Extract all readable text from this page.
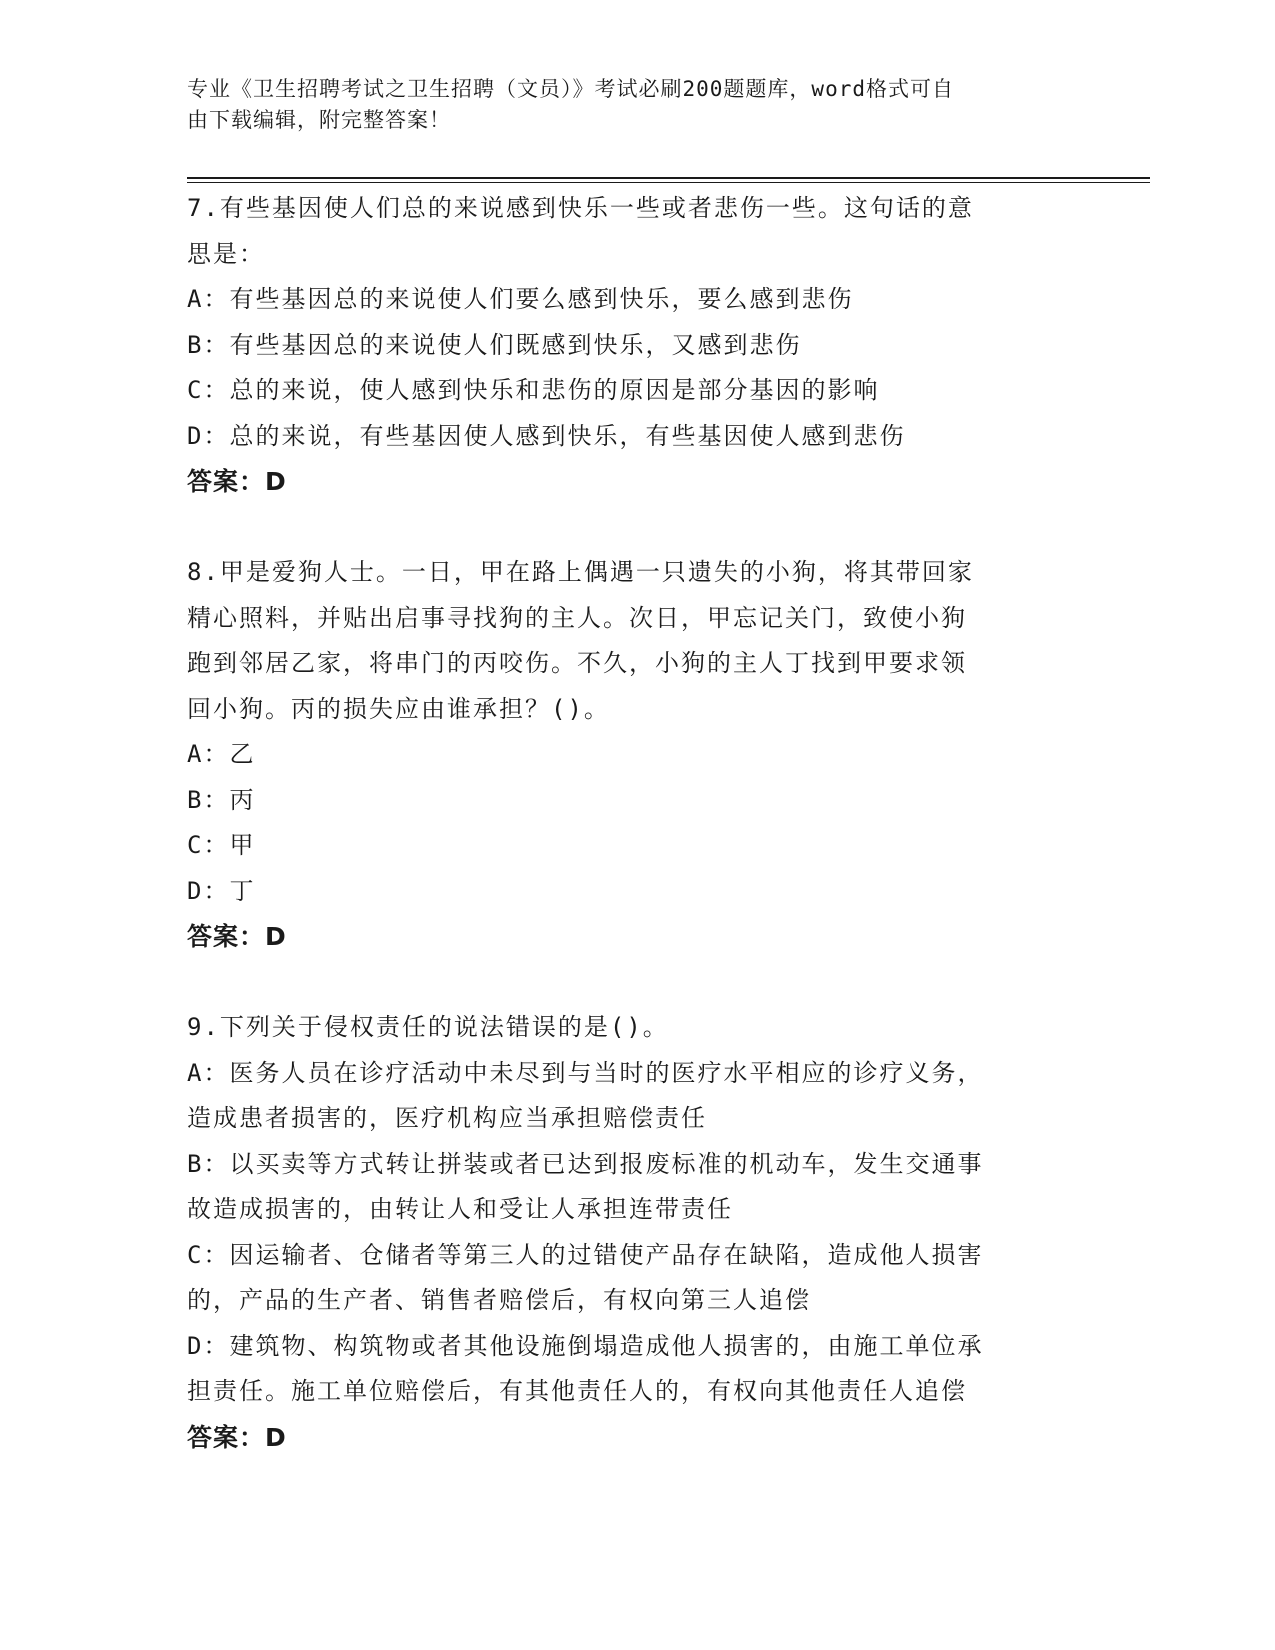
专业《卫生招聘考试之卫生招聘（文员）》考试必刷200题题库，word格式可自
由下载编辑，附完整答案！
7.有些基因使人们总的来说感到快乐一些或者悲伤一些。这句话的意
思是：
A：有些基因总的来说使人们要么感到快乐，要么感到悲伤
B：有些基因总的来说使人们既感到快乐，又感到悲伤
C：总的来说，使人感到快乐和悲伤的原因是部分基因的影响
D：总的来说，有些基因使人感到快乐，有些基因使人感到悲伤
答案：D
8.甲是爱狗人士。一日，甲在路上偶遇一只遗失的小狗，将其带回家
精心照料，并贴出启事寻找狗的主人。次日，甲忘记关门，致使小狗
跑到邻居乙家，将串门的丙咬伤。不久，小狗的主人丁找到甲要求领
回小狗。丙的损失应由谁承担？()。
A：乙
B：丙
C：甲
D：丁
答案：D
9.下列关于侵权责任的说法错误的是()。
A：医务人员在诊疗活动中未尽到与当时的医疗水平相应的诊疗义务，
造成患者损害的，医疗机构应当承担赔偿责任
B：以买卖等方式转让拼装或者已达到报废标准的机动车，发生交通事
故造成损害的，由转让人和受让人承担连带责任
C：因运输者、仓储者等第三人的过错使产品存在缺陷，造成他人损害
的，产品的生产者、销售者赔偿后，有权向第三人追偿
D：建筑物、构筑物或者其他设施倒塌造成他人损害的，由施工单位承
担责任。施工单位赔偿后，有其他责任人的，有权向其他责任人追偿
答案：D
